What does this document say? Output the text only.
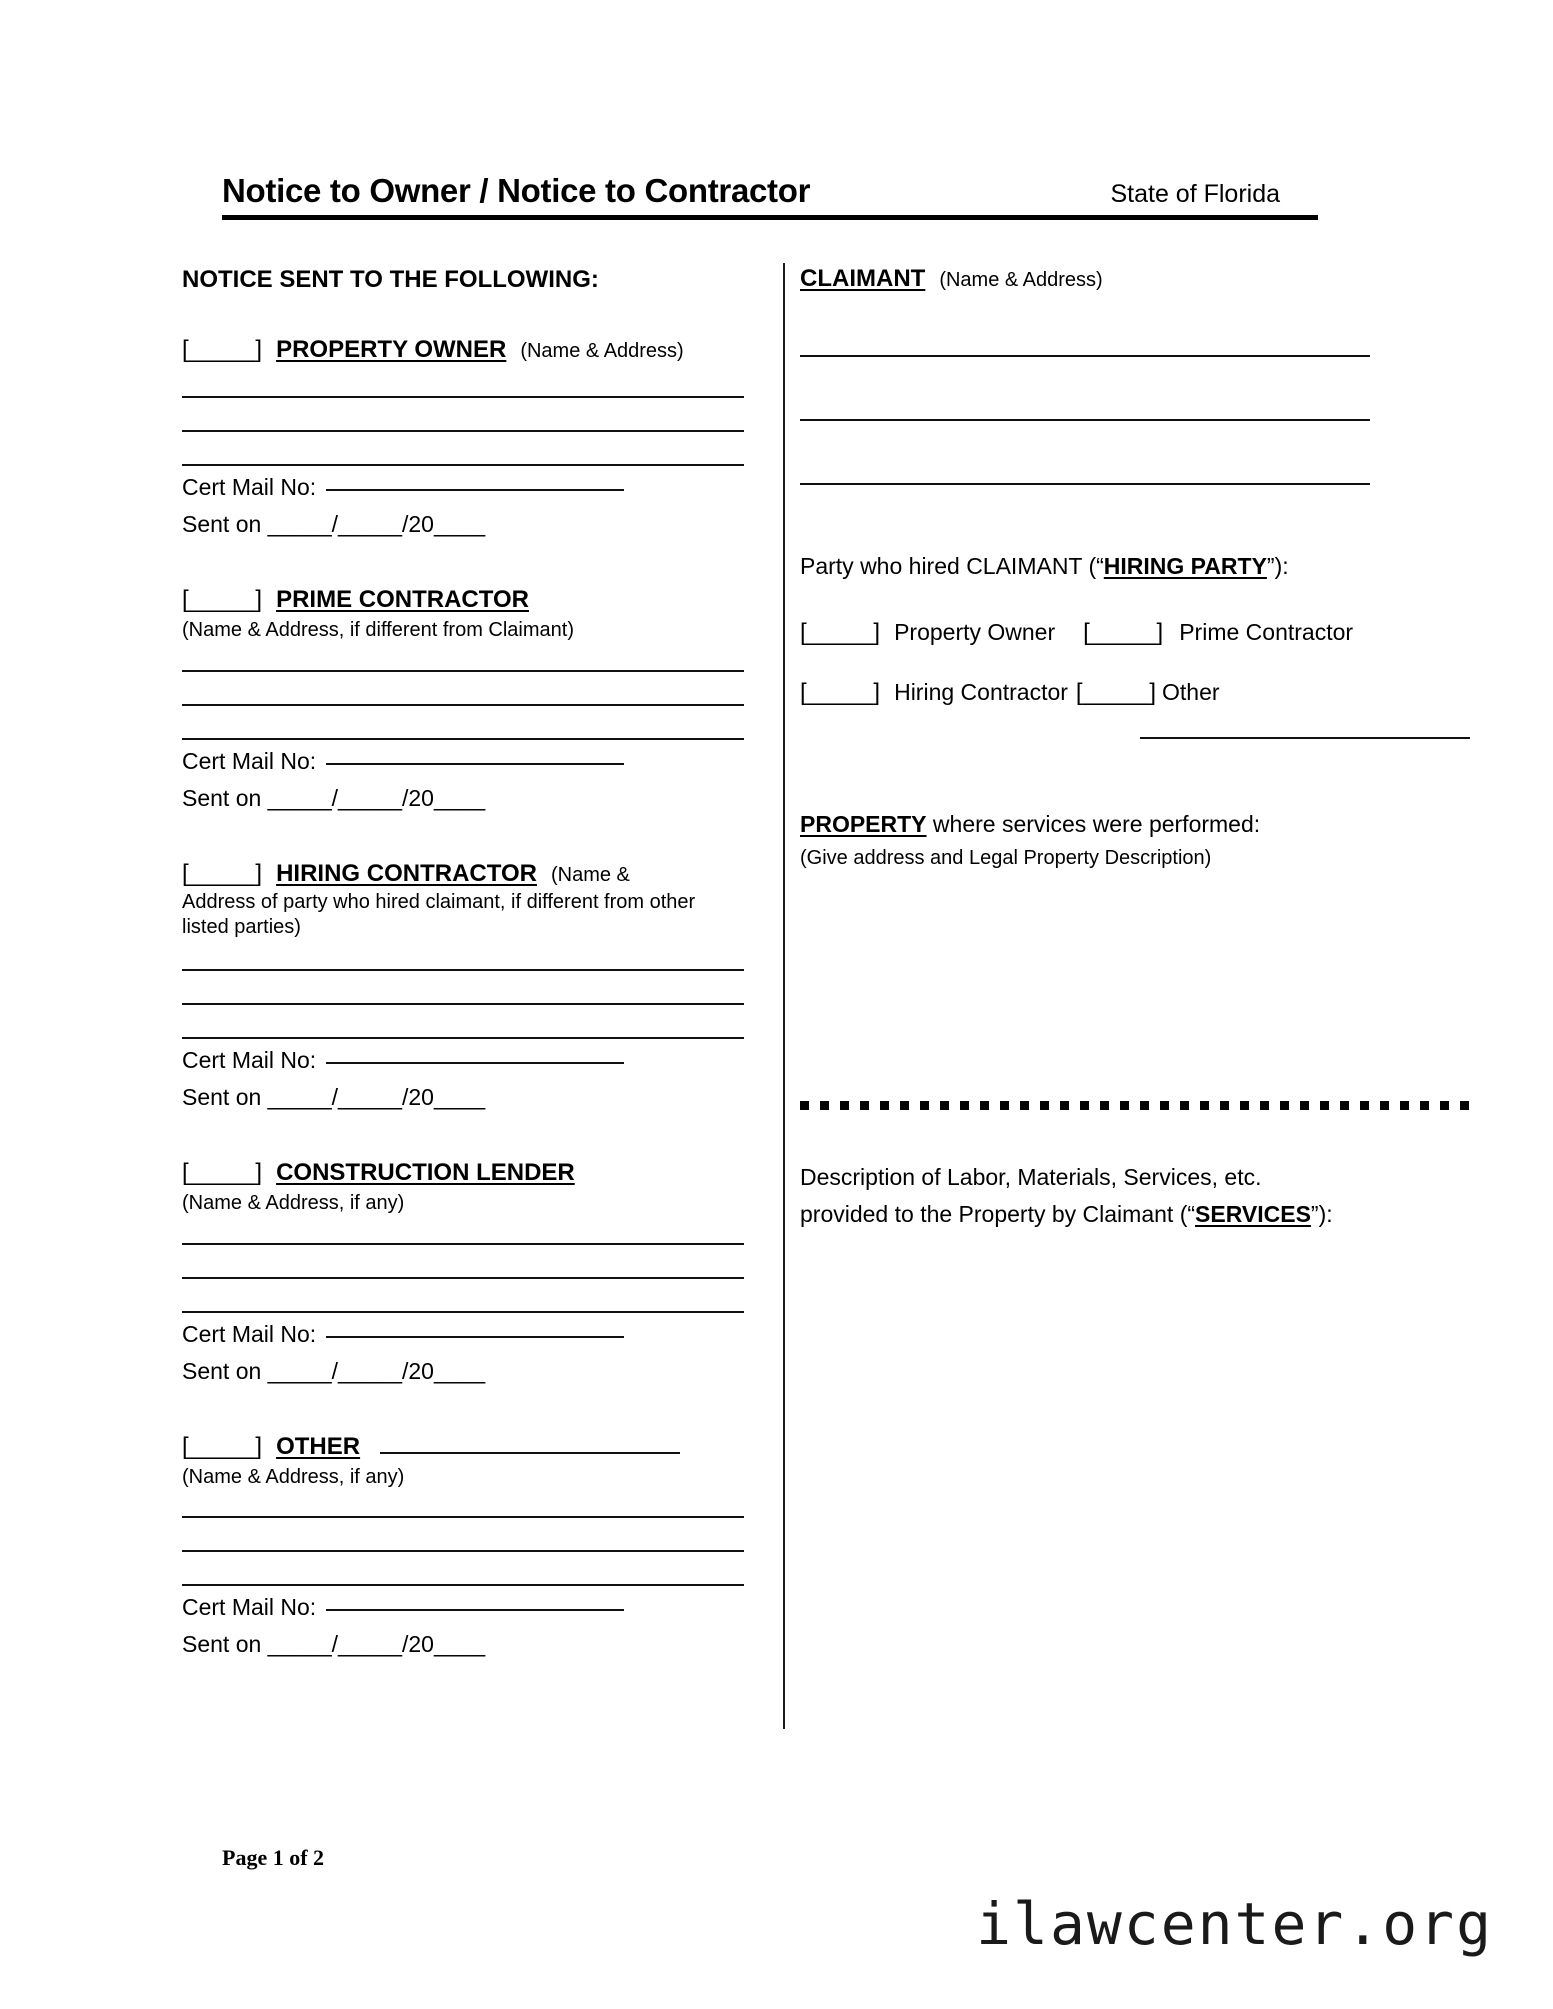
Notice to Owner / Notice to Contractor	State of Florida
NOTICE SENT TO THE FOLLOWING:
[_____] PROPERTY OWNER (Name & Address)
Cert Mail No:
Sent on _____/_____/20____
[_____] PRIME CONTRACTOR
(Name & Address, if different from Claimant)
Cert Mail No:
Sent on _____/_____/20____
[_____] HIRING CONTRACTOR (Name &
Address of party who hired claimant, if different from other listed parties)
Cert Mail No:
Sent on _____/_____/20____
[_____] CONSTRUCTION LENDER
(Name & Address, if any)
Cert Mail No:
Sent on _____/_____/20____
[_____] OTHER
(Name & Address, if any)
Cert Mail No:
Sent on _____/_____/20____
CLAIMANT (Name & Address)
Party who hired CLAIMANT (“HIRING PARTY”):
[_____] Property Owner [_____] Prime Contractor
[_____] Hiring Contractor [_____] Other
PROPERTY where services were performed:
(Give address and Legal Property Description)
Description of Labor, Materials, Services, etc.
provided to the Property by Claimant (“SERVICES”):
Page 1 of 2
ilawcenter.org
